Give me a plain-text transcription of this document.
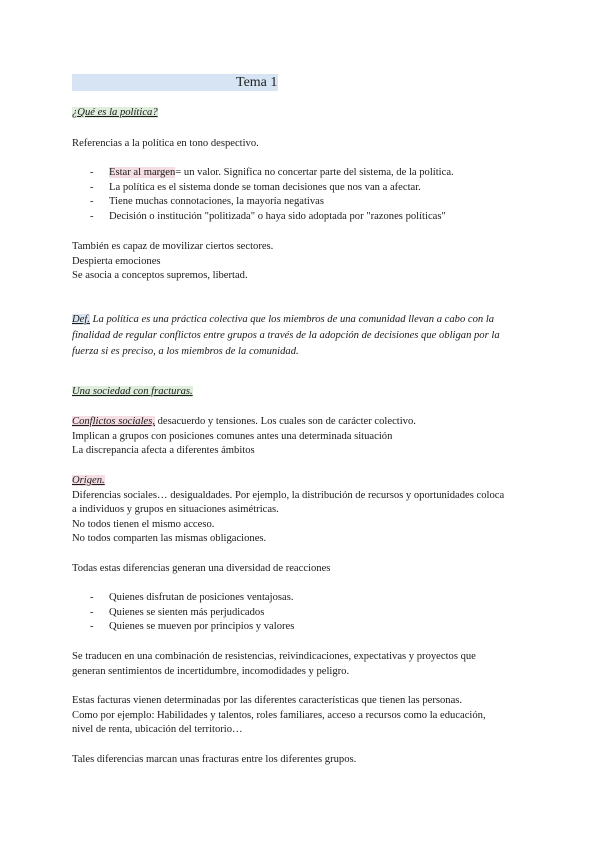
Tema 1
¿Qué es la política?
Referencias a la política en tono despectivo.
- Estar al margen= un valor. Significa no concertar parte del sistema, de la política.
- La política es el sistema donde se toman decisiones que nos van a afectar.
- Tiene muchas connotaciones, la mayoría negativas
- Decisión o institución "politizada" o haya sido adoptada por "razones políticas"
También es capaz de movilizar ciertos sectores.
Despierta emociones
Se asocia a conceptos supremos, libertad.
Def. La política es una práctica colectiva que los miembros de una comunidad llevan a cabo con la
finalidad de regular conflictos entre grupos a través de la adopción de decisiones que obligan por la
fuerza si es preciso, a los miembros de la comunidad.
Una sociedad con fracturas.
Conflictos sociales, desacuerdo y tensiones. Los cuales son de carácter colectivo.
Implican a grupos con posiciones comunes antes una determinada situación
La discrepancia afecta a diferentes ámbitos
Origen.
Diferencias sociales… desigualdades. Por ejemplo, la distribución de recursos y oportunidades coloca
a individuos y grupos en situaciones asimétricas.
No todos tienen el mismo acceso.
No todos comparten las mismas obligaciones.
Todas estas diferencias generan una diversidad de reacciones
- Quienes disfrutan de posiciones ventajosas.
- Quienes se sienten más perjudicados
- Quienes se mueven por principios y valores
Se traducen en una combinación de resistencias, reivindicaciones, expectativas y proyectos que
generan sentimientos de incertidumbre, incomodidades y peligro.
Estas facturas vienen determinadas por las diferentes características que tienen las personas.
Como por ejemplo: Habilidades y talentos, roles familiares, acceso a recursos como la educación,
nivel de renta, ubicación del territorio…
Tales diferencias marcan unas fracturas entre los diferentes grupos.
